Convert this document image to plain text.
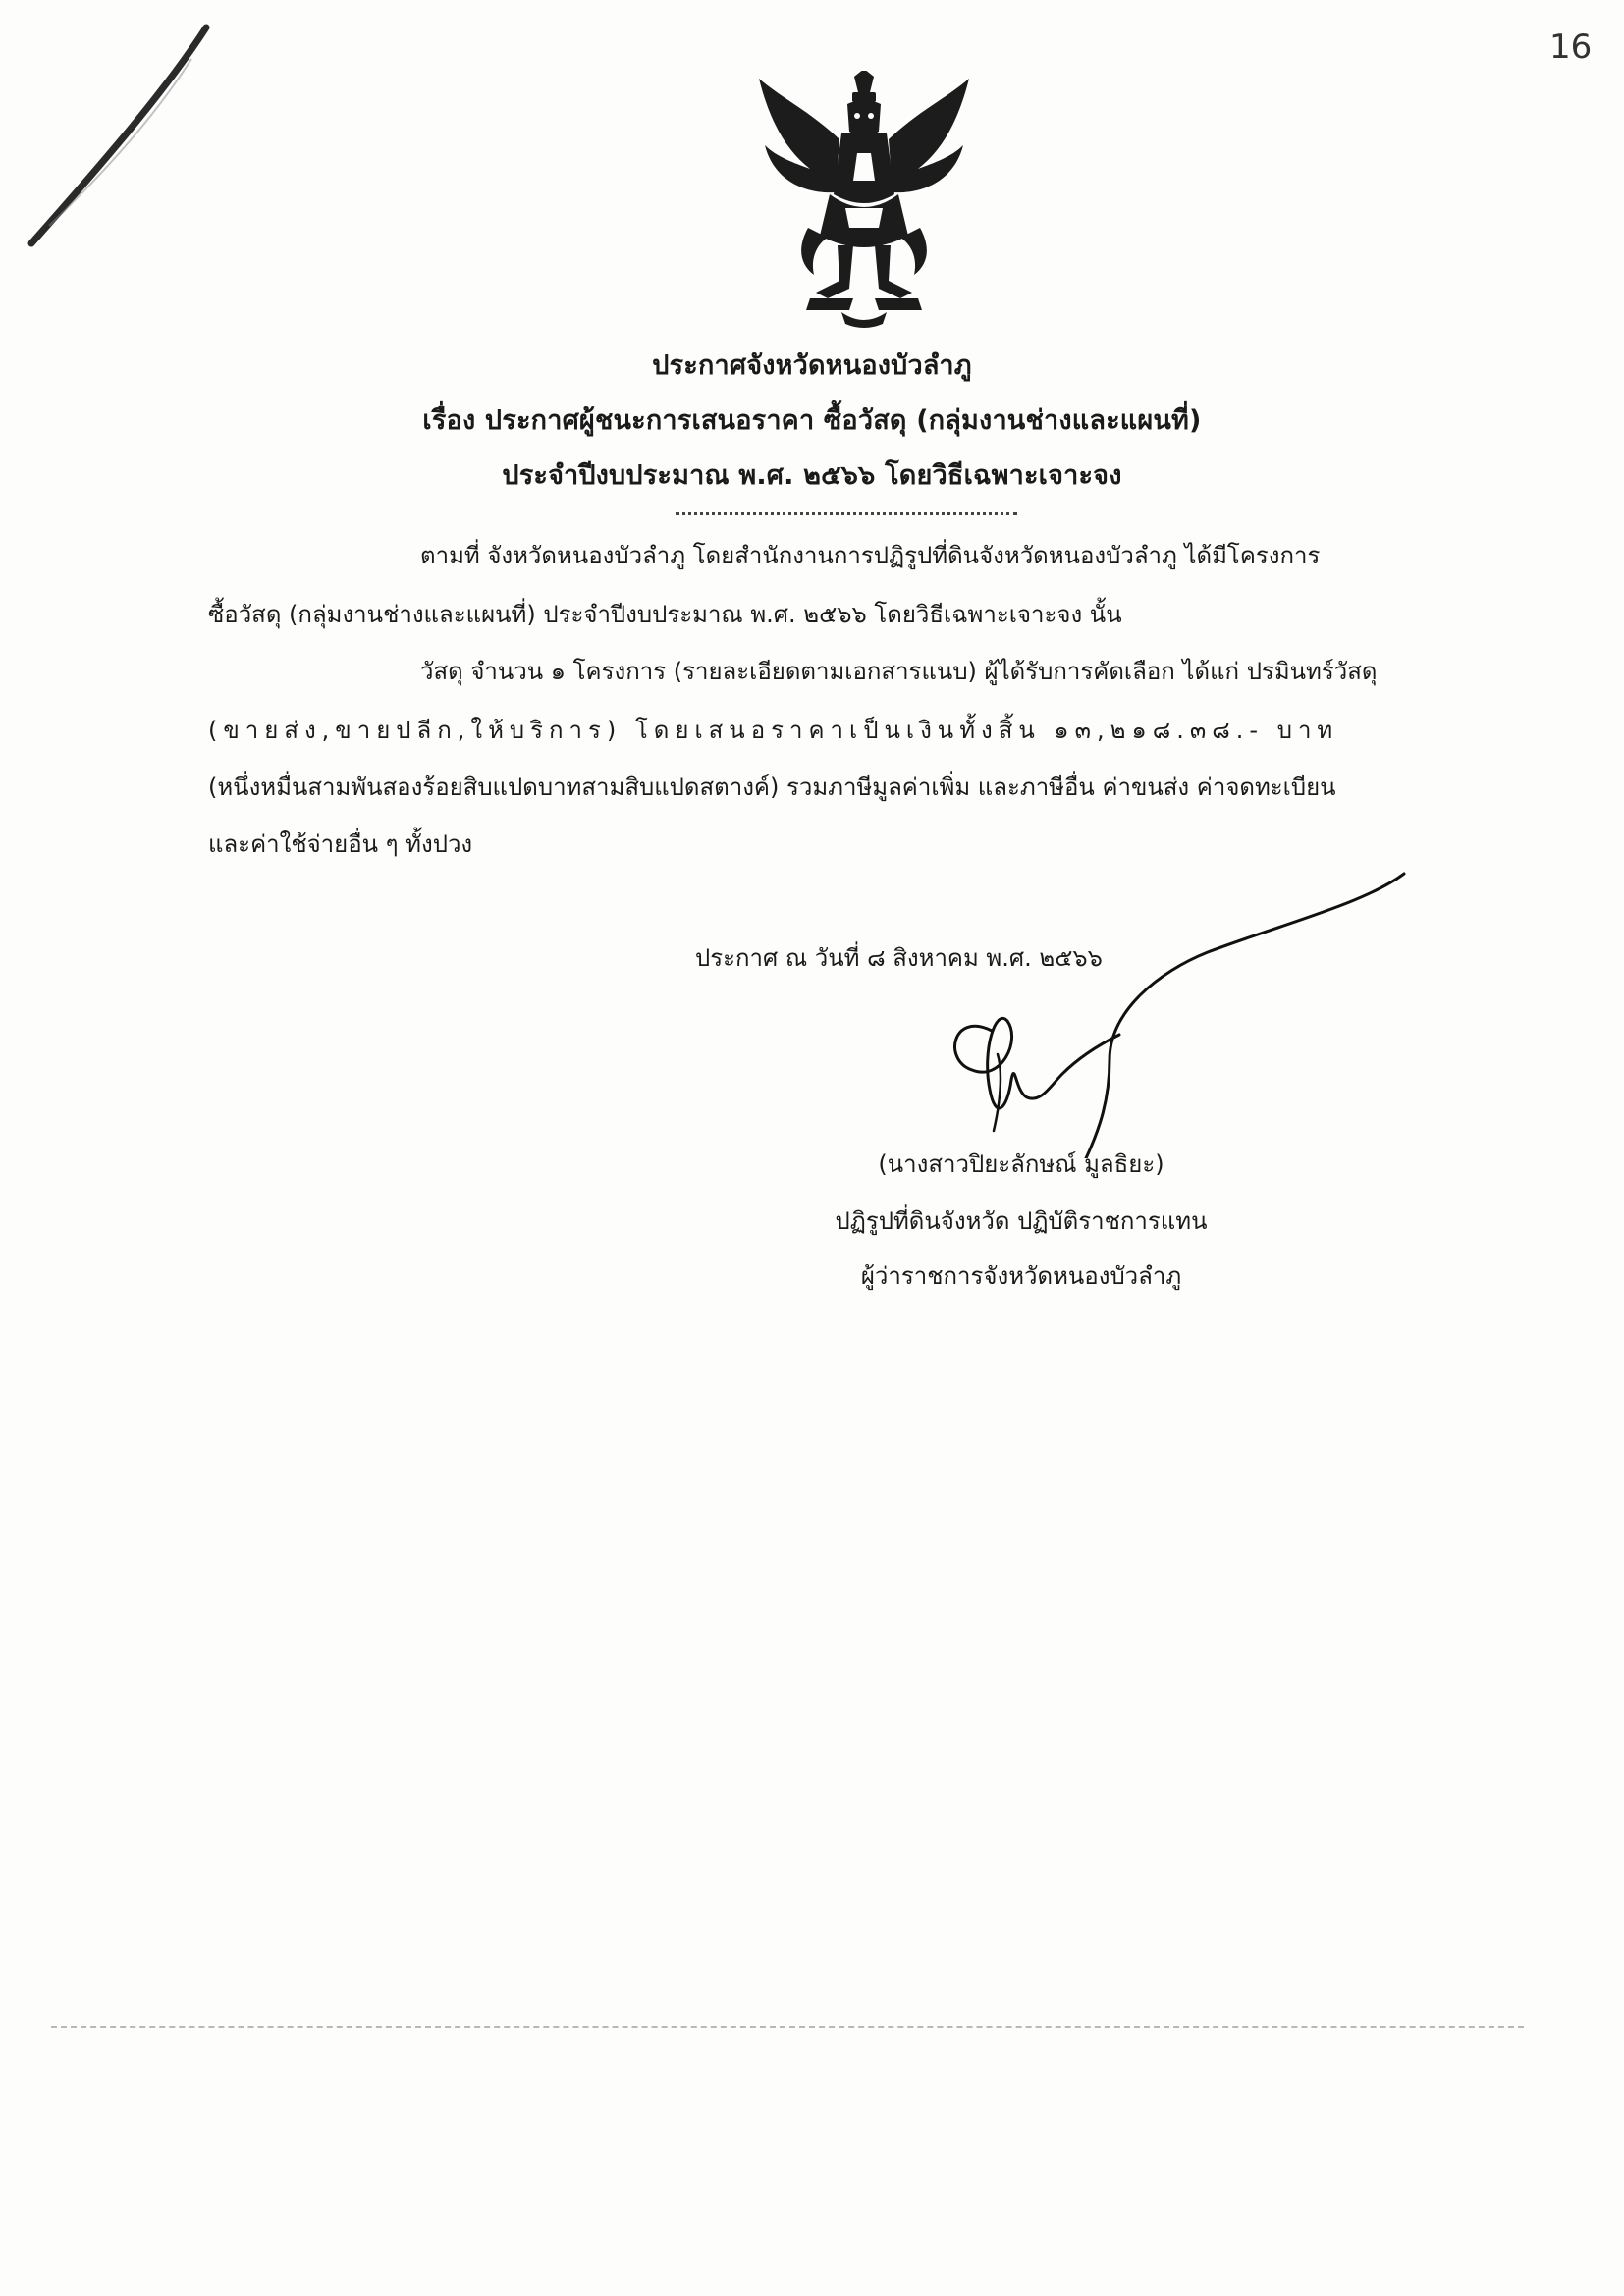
16
ประกาศจังหวัดหนองบัวลำภู
เรื่อง ประกาศผู้ชนะการเสนอราคา ซื้อวัสดุ (กลุ่มงานช่างและแผนที่)
ประจำปีงบประมาณ พ.ศ. ๒๕๖๖ โดยวิธีเฉพาะเจาะจง
ตามที่ จังหวัดหนองบัวลำภู โดยสำนักงานการปฏิรูปที่ดินจังหวัดหนองบัวลำภู ได้มีโครงการ
ซื้อวัสดุ (กลุ่มงานช่างและแผนที่) ประจำปีงบประมาณ พ.ศ. ๒๕๖๖ โดยวิธีเฉพาะเจาะจง นั้น
วัสดุ จำนวน ๑ โครงการ (รายละเอียดตามเอกสารแนบ) ผู้ได้รับการคัดเลือก ได้แก่ ปรมินทร์วัสดุ
(ขายส่ง,ขายปลีก,ให้บริการ) โดยเสนอราคาเป็นเงินทั้งสิ้น ๑๓,๒๑๘.๓๘.- บาท
(หนึ่งหมื่นสามพันสองร้อยสิบแปดบาทสามสิบแปดสตางค์) รวมภาษีมูลค่าเพิ่ม และภาษีอื่น ค่าขนส่ง ค่าจดทะเบียน
และค่าใช้จ่ายอื่น ๆ ทั้งปวง
ประกาศ ณ วันที่ ๘ สิงหาคม พ.ศ. ๒๕๖๖
(นางสาวปิยะลักษณ์ มูลธิยะ)
ปฏิรูปที่ดินจังหวัด ปฏิบัติราชการแทน
ผู้ว่าราชการจังหวัดหนองบัวลำภู
